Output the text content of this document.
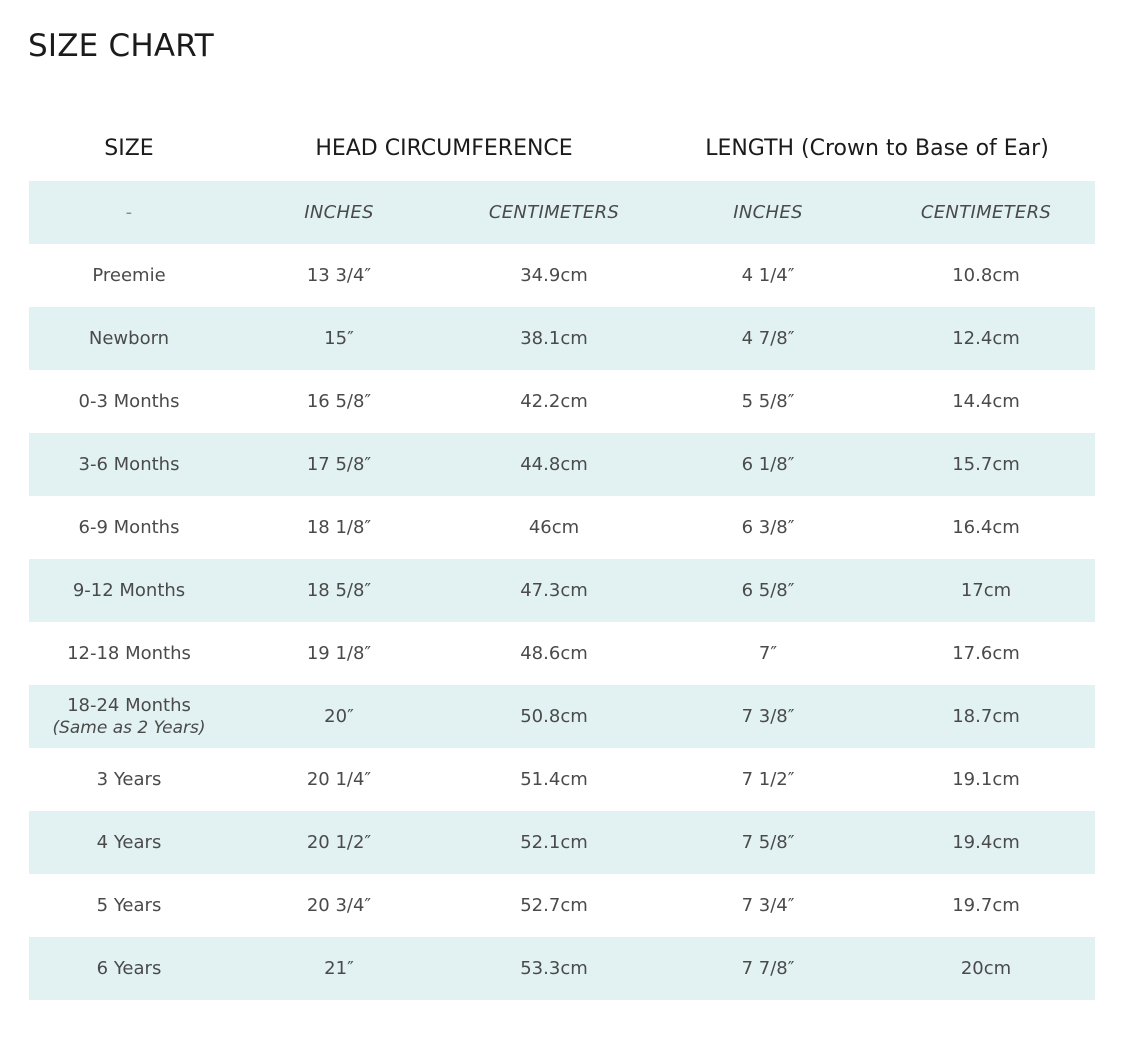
SIZE CHART
SIZE	HEAD CIRCUMFERENCE	LENGTH (Crown to Base of Ear)
-	INCHES	CENTIMETERS	INCHES	CENTIMETERS
Preemie	13 3/4″	34.9cm	4 1/4″	10.8cm
Newborn	15″	38.1cm	4 7/8″	12.4cm
0-3 Months	16 5/8″	42.2cm	5 5/8″	14.4cm
3-6 Months	17 5/8″	44.8cm	6 1/8″	15.7cm
6-9 Months	18 1/8″	46cm	6 3/8″	16.4cm
9-12 Months	18 5/8″	47.3cm	6 5/8″	17cm
12-18 Months	19 1/8″	48.6cm	7″	17.6cm
18-24 Months
(Same as 2 Years)
20″	50.8cm	7 3/8″	18.7cm
3 Years	20 1/4″	51.4cm	7 1/2″	19.1cm
4 Years	20 1/2″	52.1cm	7 5/8″	19.4cm
5 Years	20 3/4″	52.7cm	7 3/4″	19.7cm
6 Years	21″	53.3cm	7 7/8″	20cm
